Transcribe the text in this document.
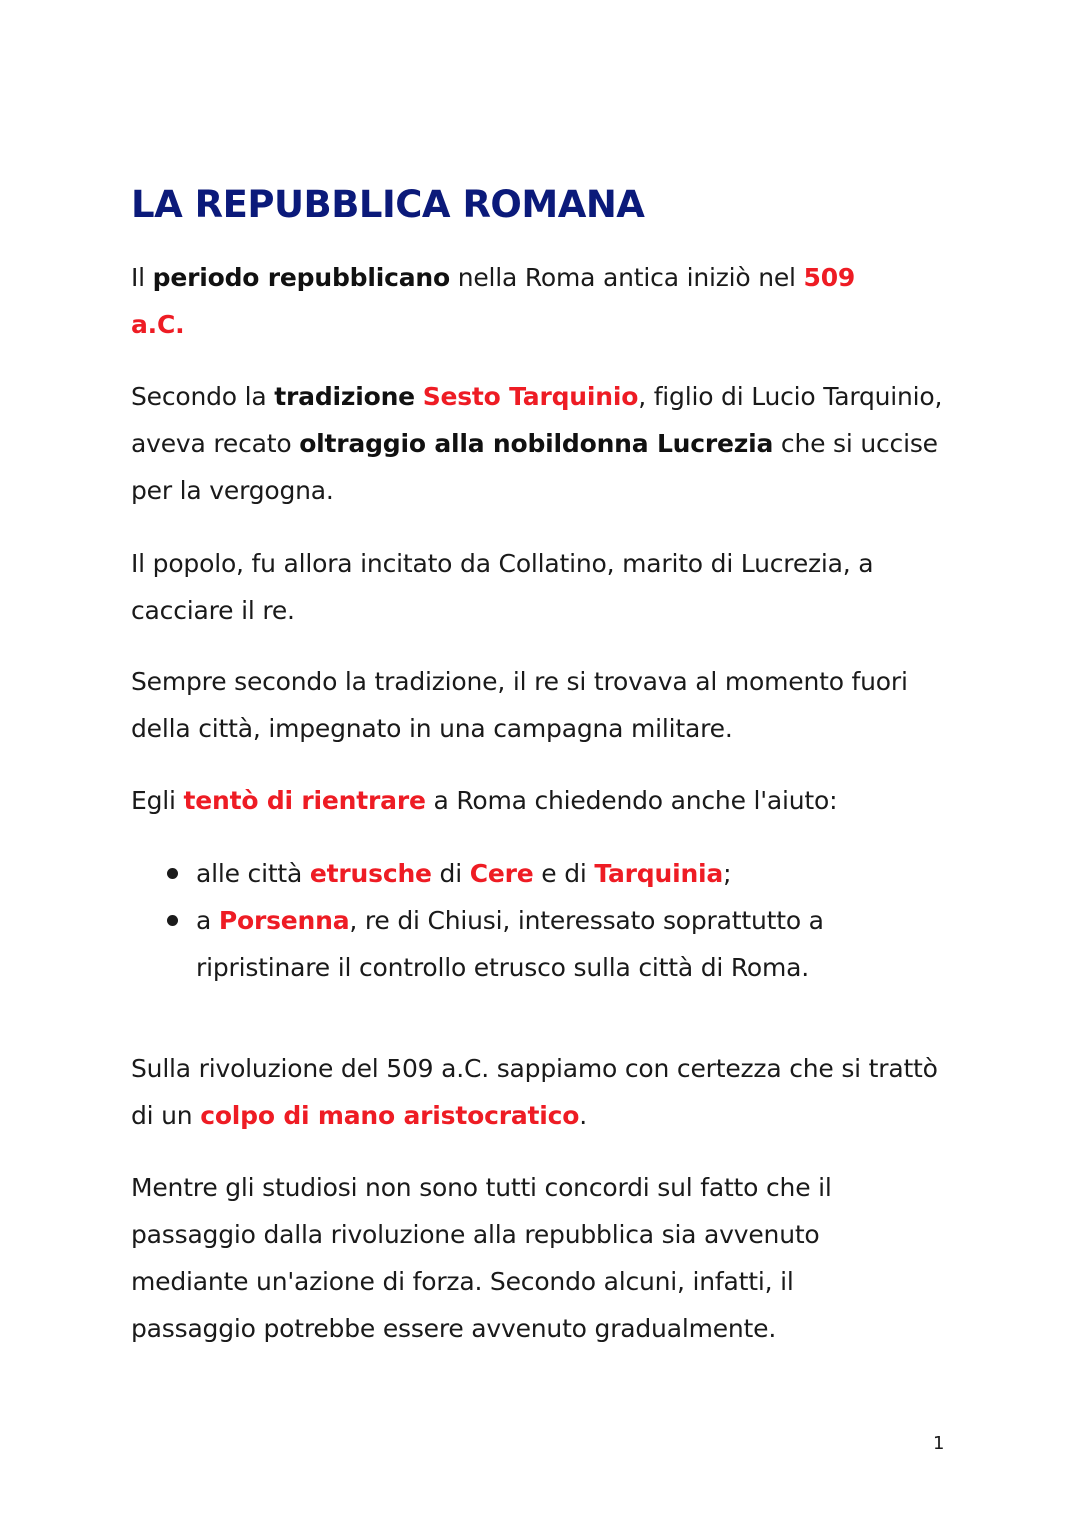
LA REPUBBLICA ROMANA

Il periodo repubblicano nella Roma antica iniziò nel 509
a.C.

Secondo la tradizione Sesto Tarquinio, figlio di Lucio Tarquinio, aveva recato oltraggio alla nobildonna Lucrezia che si uccise per la vergogna.

Il popolo, fu allora incitato da Collatino, marito di Lucrezia, a cacciare il re.

Sempre secondo la tradizione, il re si trovava al momento fuori della città, impegnato in una campagna militare.

Egli tentò di rientrare a Roma chiedendo anche l'aiuto:

alle città etrusche di Cere e di Tarquinia;
a Porsenna, re di Chiusi, interessato soprattutto a ripristinare il controllo etrusco sulla città di Roma.

Sulla rivoluzione del 509 a.C. sappiamo con certezza che si trattò di un colpo di mano aristocratico.

Mentre gli studiosi non sono tutti concordi sul fatto che il passaggio dalla rivoluzione alla repubblica sia avvenuto mediante un'azione di forza. Secondo alcuni, infatti, il passaggio potrebbe essere avvenuto gradualmente.

1
